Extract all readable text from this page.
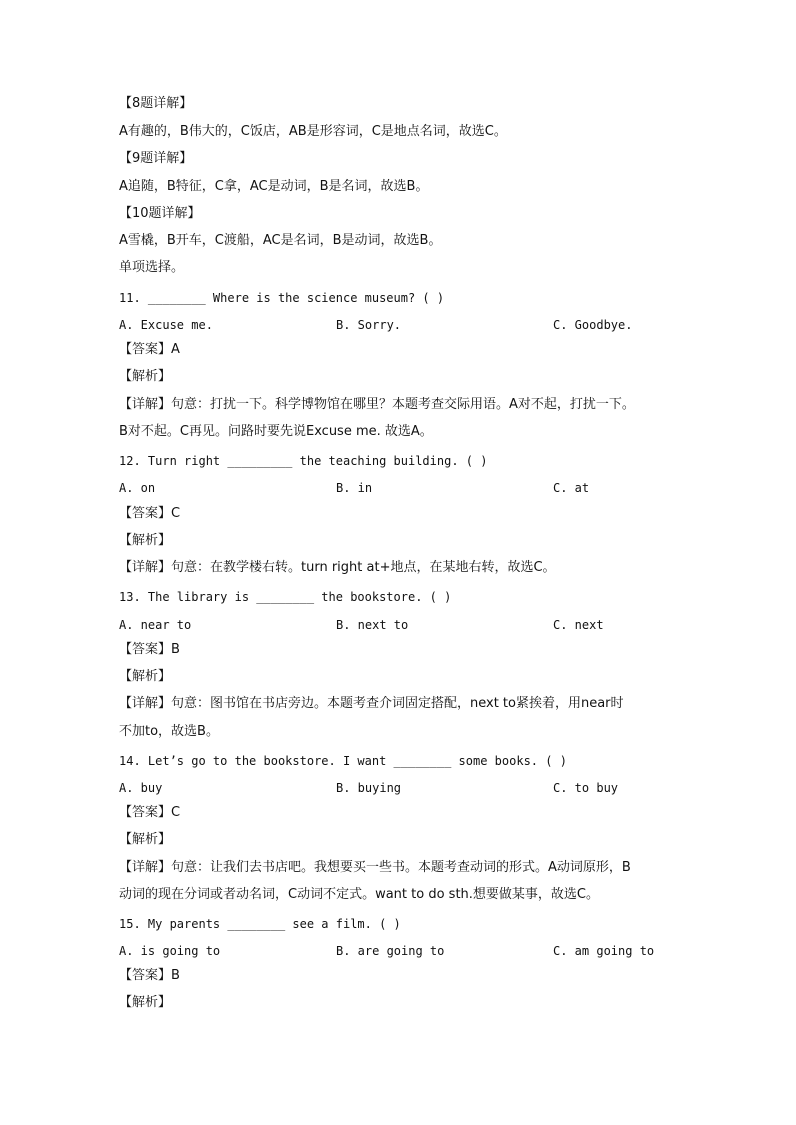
【8题详解】
A有趣的，B伟大的，C饭店，AB是形容词，C是地点名词，故选C。
【9题详解】
A追随，B特征，C拿，AC是动词，B是名词，故选B。
【10题详解】
A雪橇，B开车，C渡船，AC是名词，B是动词，故选B。
单项选择。
11. ________ Where is the science museum? ( )
A. Excuse me.	B. Sorry.	C. Goodbye.
【答案】A
【解析】
【详解】句意：打扰一下。科学博物馆在哪里？本题考查交际用语。A对不起，打扰一下。
B对不起。C再见。问路时要先说Excuse me. 故选A。
12. Turn right _________ the teaching building. ( )
A. on	B. in	C. at
【答案】C
【解析】
【详解】句意：在教学楼右转。turn right at+地点，在某地右转，故选C。
13. The library is ________ the bookstore. ( )
A. near to	B. next to	C. next
【答案】B
【解析】
【详解】句意：图书馆在书店旁边。本题考查介词固定搭配，next to紧挨着，用near时
不加to，故选B。
14. Let’s go to the bookstore. I want ________ some books. ( )
A. buy	B. buying	C. to buy
【答案】C
【解析】
【详解】句意：让我们去书店吧。我想要买一些书。本题考查动词的形式。A动词原形，B
动词的现在分词或者动名词，C动词不定式。want to do sth.想要做某事，故选C。
15. My parents ________ see a film. ( )
A. is going to	B. are going to	C. am going to
【答案】B
【解析】
